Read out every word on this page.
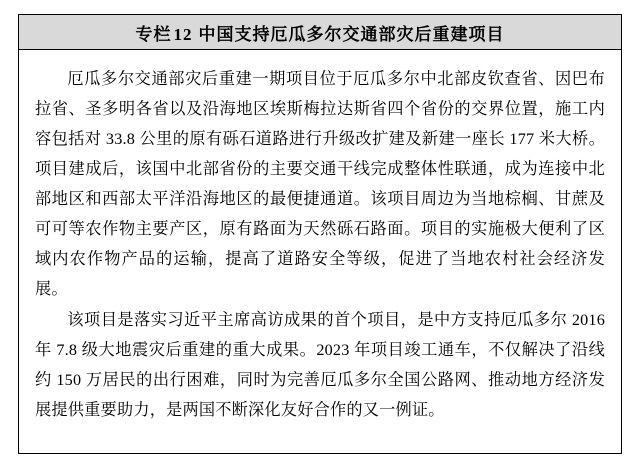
专栏 12 中国支持厄瓜多尔交通部灾后重建项目

厄瓜多尔交通部灾后重建一期项目位于厄瓜多尔中北部皮钦查省、因巴布拉省、圣多明各省以及沿海地区埃斯梅拉达斯省四个省份的交界位置，施工内容包括对 33.8 公里的原有砾石道路进行升级改扩建及新建一座长 177 米大桥。项目建成后，该国中北部省份的主要交通干线完成整体性联通，成为连接中北部地区和西部太平洋沿海地区的最便捷通道。该项目周边为当地棕榈、甘蔗及可可等农作物主要产区，原有路面为天然砾石路面。项目的实施极大便利了区域内农作物产品的运输，提高了道路安全等级，促进了当地农村社会经济发展。

该项目是落实习近平主席高访成果的首个项目，是中方支持厄瓜多尔 2016 年 7.8 级大地震灾后重建的重大成果。2023 年项目竣工通车，不仅解决了沿线约 150 万居民的出行困难，同时为完善厄瓜多尔全国公路网、推动地方经济发展提供重要助力，是两国不断深化友好合作的又一例证。
